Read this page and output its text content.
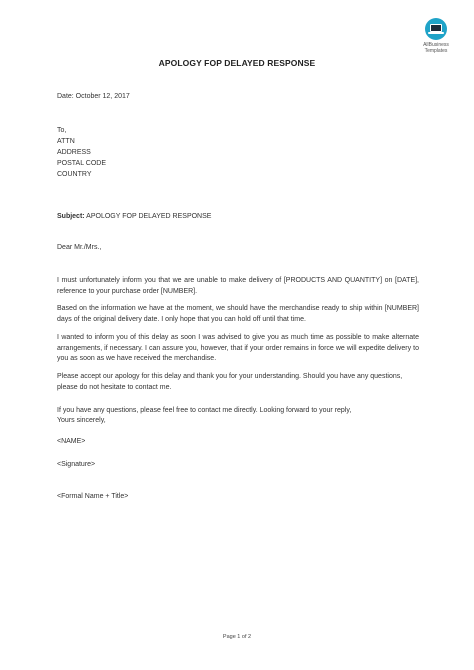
AllBusiness
Templates
APOLOGY FOP DELAYED RESPONSE
Date: October 12, 2017
To,
ATTN
ADDRESS
POSTAL CODE
COUNTRY
Subject: APOLOGY FOP DELAYED RESPONSE
Dear Mr./Mrs.,
I must unfortunately inform you that we are unable to make delivery of [PRODUCTS AND QUANTITY] on [DATE], reference to your purchase order [NUMBER].
Based on the information we have at the moment, we should have the merchandise ready to ship within [NUMBER] days of the original delivery date. I only hope that you can hold off until that time.
I wanted to inform you of this delay as soon I was advised to give you as much time as possible to make alternate arrangements, if necessary. I can assure you, however, that if your order remains in force we will expedite delivery to you as soon as we have received the merchandise.
Please accept our apology for this delay and thank you for your understanding. Should you have any questions, please do not hesitate to contact me.
If you have any questions, please feel free to contact me directly. Looking forward to your reply,
Yours sincerely,
<NAME>
<Signature>
<Formal Name + Title>
Page 1 of 2
